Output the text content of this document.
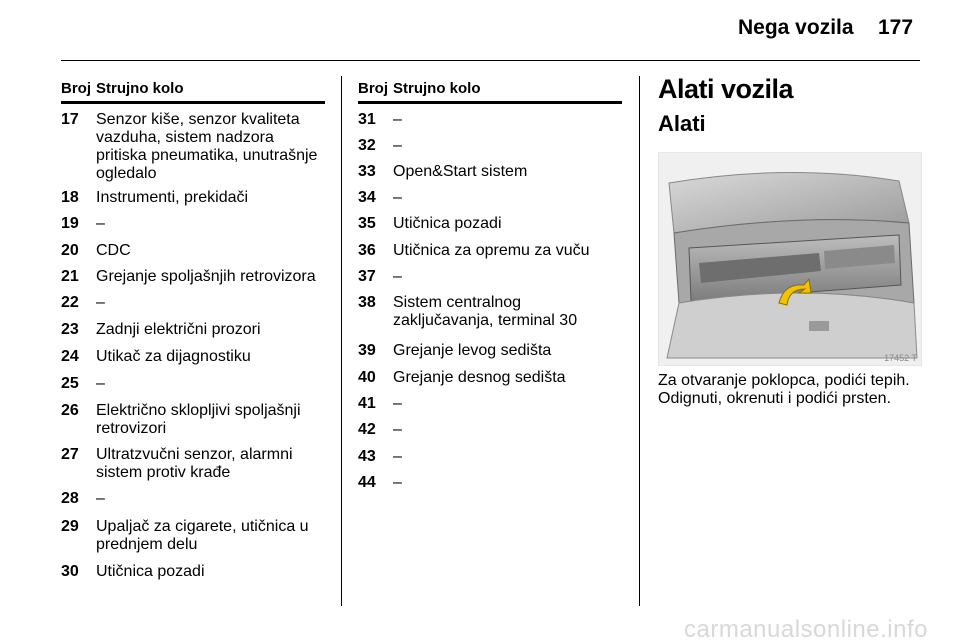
Nega vozila 177
Broj Strujno kolo
17	Senzor kiše, senzor kvaliteta vazduha, sistem nadzora pritiska pneumatika, unutrašnje ogledalo
18	Instrumenti, prekidači
19	–
20	CDC
21	Grejanje spoljašnjih retrovizora
22	–
23	Zadnji električni prozori
24	Utikač za dijagnostiku
25	–
26	Električno sklopljivi spoljašnji retrovizori
27	Ultratzvučni senzor, alarmni sistem protiv krađe
28	–
29	Upaljač za cigarete, utičnica u prednjem delu
30	Utičnica pozadi
Broj Strujno kolo
31	–
32	–
33	Open&Start sistem
34	–
35	Utičnica pozadi
36	Utičnica za opremu za vuču
37	–
38	Sistem centralnog zaključavanja, terminal 30
39	Grejanje levog sedišta
40	Grejanje desnog sedišta
41	–
42	–
43	–
44	–
Alati vozila
Alati
17452 T
Za otvaranje poklopca, podići tepih. Odignuti, okrenuti i podići prsten.
carmanualsonline.info
